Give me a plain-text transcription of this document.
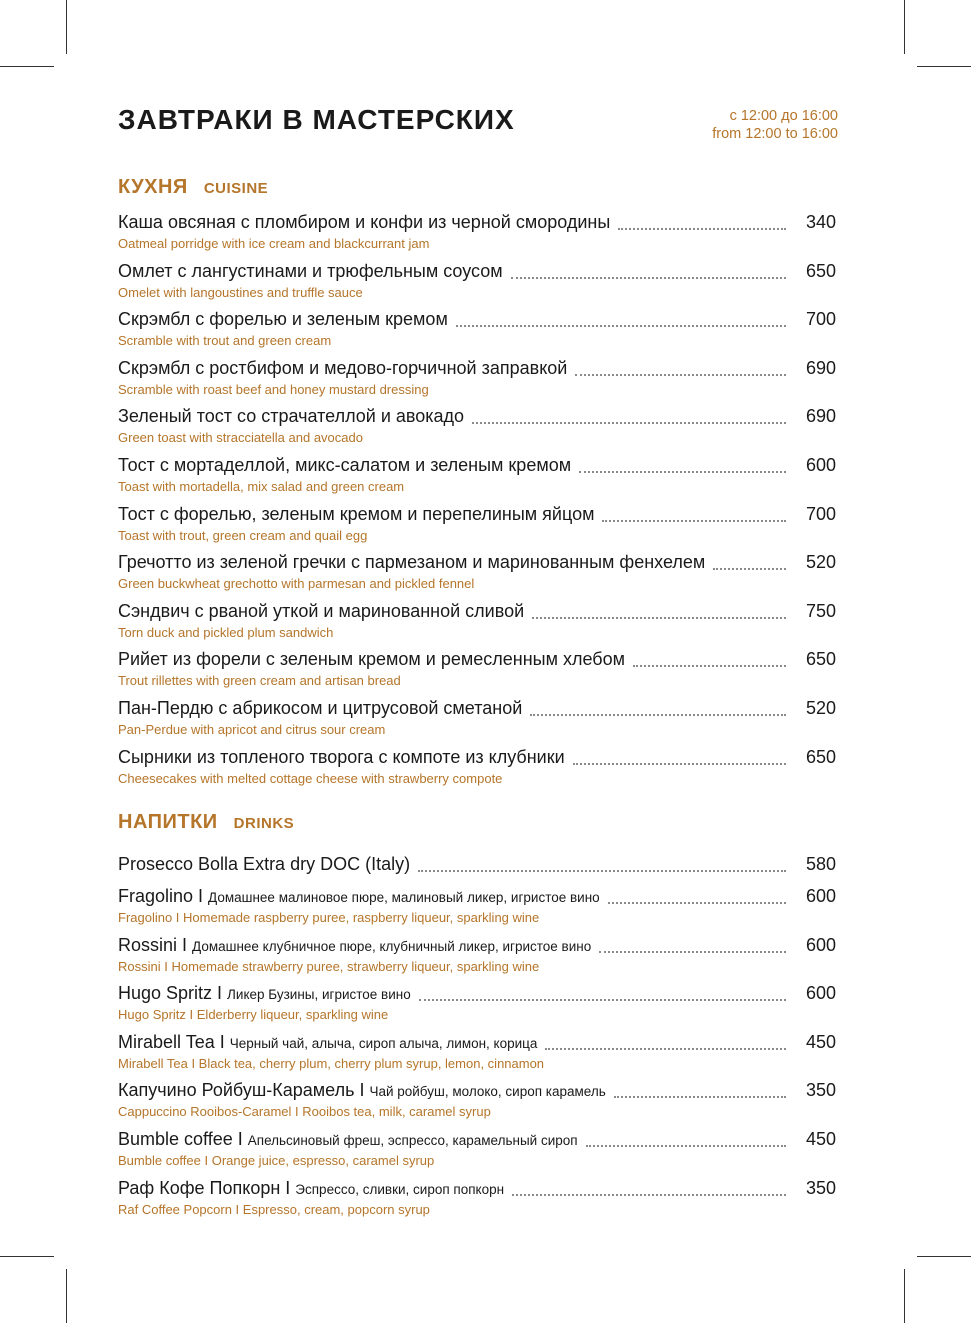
ЗАВТРАКИ В МАСТЕРСКИХ	с 12:00 до 16:00
from 12:00 to 16:00
КУХНЯ CUISINE
Каша овсяная с пломбиром и конфи из черной смородины	340
Oatmeal porridge with ice cream and blackcurrant jam
Омлет с лангустинами и трюфельным соусом	650
Omelet with langoustines and truffle sauce
Скрэмбл с форелью и зеленым кремом	700
Scramble with trout and green cream
Скрэмбл с ростбифом и медово-горчичной заправкой	690
Scramble with roast beef and honey mustard dressing
Зеленый тост со страчателлой и авокадо	690
Green toast with stracciatella and avocado
Тост с мортаделлой, микс-салатом и зеленым кремом	600
Toast with mortadella, mix salad and green cream
Тост с форелью, зеленым кремом и перепелиным яйцом	700
Toast with trout, green cream and quail egg
Гречотто из зеленой гречки с пармезаном и маринованным фенхелем	520
Green buckwheat grechotto with parmesan and pickled fennel
Сэндвич с рваной уткой и маринованной сливой	750
Torn duck and pickled plum sandwich
Рийет из форели с зеленым кремом и ремесленным хлебом	650
Trout rillettes with green cream and artisan bread
Пан-Пердю с абрикосом и цитрусовой сметаной	520
Pan-Perdue with apricot and citrus sour cream
Сырники из топленого творога с компоте из клубники	650
Cheesecakes with melted cottage cheese with strawberry compote
НАПИТКИ DRINKS
Prosecco Bolla Extra dry DOC (Italy)	580
Fragolino I Домашнее малиновое пюре, малиновый ликер, игристое вино	600
Fragolino I Homemade raspberry puree, raspberry liqueur, sparkling wine
Rossini I Домашнее клубничное пюре, клубничный ликер, игристое вино	600
Rossini I Homemade strawberry puree, strawberry liqueur, sparkling wine
Hugo Spritz I Ликер Бузины, игристое вино	600
Hugo Spritz I Elderberry liqueur, sparkling wine
Mirabell Tea I Черный чай, алыча, сироп алыча, лимон, корица	450
Mirabell Tea I Black tea, cherry plum, cherry plum syrup, lemon, cinnamon
Капучино Ройбуш-Карамель I Чай ройбуш, молоко, сироп карамель	350
Cappuccino Rooibos-Caramel I Rooibos tea, milk, caramel syrup
Bumble coffee I Апельсиновый фреш, эспрессо, карамельный сироп	450
Bumble coffee I Orange juice, espresso, caramel syrup
Раф Кофе Попкорн I Эспрессо, сливки, сироп попкорн	350
Raf Coffee Popcorn I Espresso, cream, popcorn syrup
